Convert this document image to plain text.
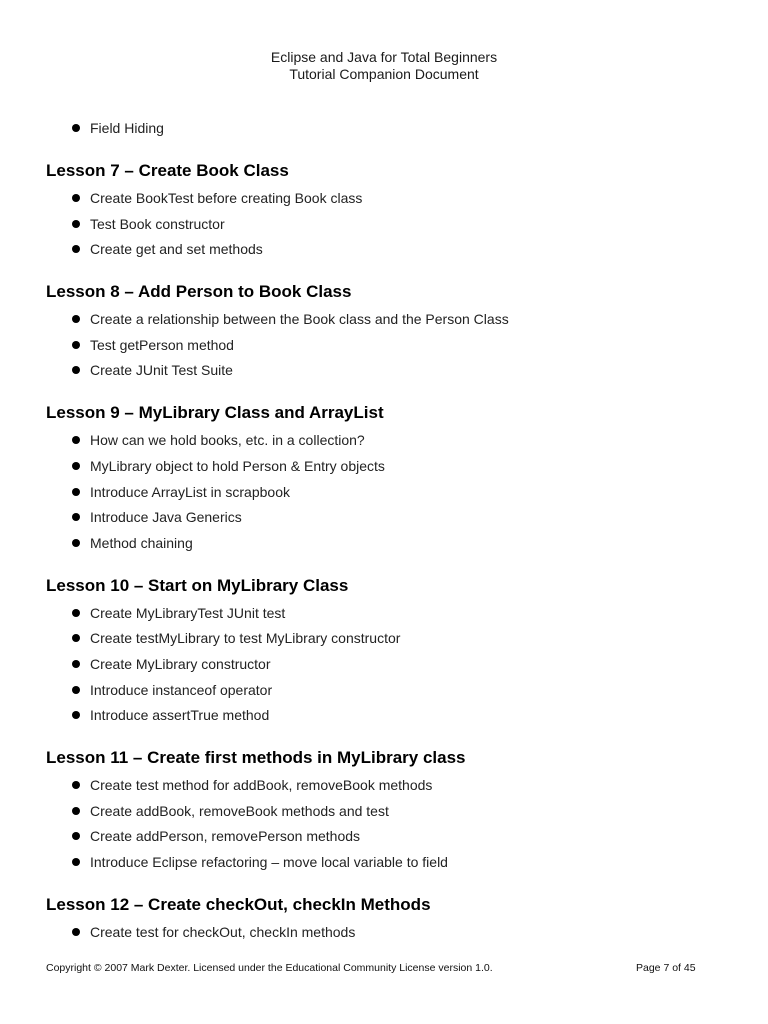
Eclipse and Java for Total Beginners
Tutorial Companion Document
Field Hiding
Lesson 7 – Create Book Class
Create BookTest before creating Book class
Test Book constructor
Create get and set methods
Lesson 8 – Add Person to Book Class
Create a relationship between the Book class and the Person Class
Test getPerson method
Create JUnit Test Suite
Lesson 9 – MyLibrary Class and ArrayList
How can we hold books, etc. in a collection?
MyLibrary object to hold Person & Entry objects
Introduce ArrayList in scrapbook
Introduce Java Generics
Method chaining
Lesson 10 – Start on MyLibrary Class
Create MyLibraryTest JUnit test
Create testMyLibrary to test MyLibrary constructor
Create MyLibrary constructor
Introduce instanceof operator
Introduce assertTrue method
Lesson 11 – Create first methods in MyLibrary class
Create test method for addBook, removeBook methods
Create addBook, removeBook methods and test
Create addPerson, removePerson methods
Introduce Eclipse refactoring – move local variable to field
Lesson 12 – Create checkOut, checkIn Methods
Create test for checkOut, checkIn methods
Copyright © 2007 Mark Dexter. Licensed under the Educational Community License version 1.0.	Page 7 of 45
